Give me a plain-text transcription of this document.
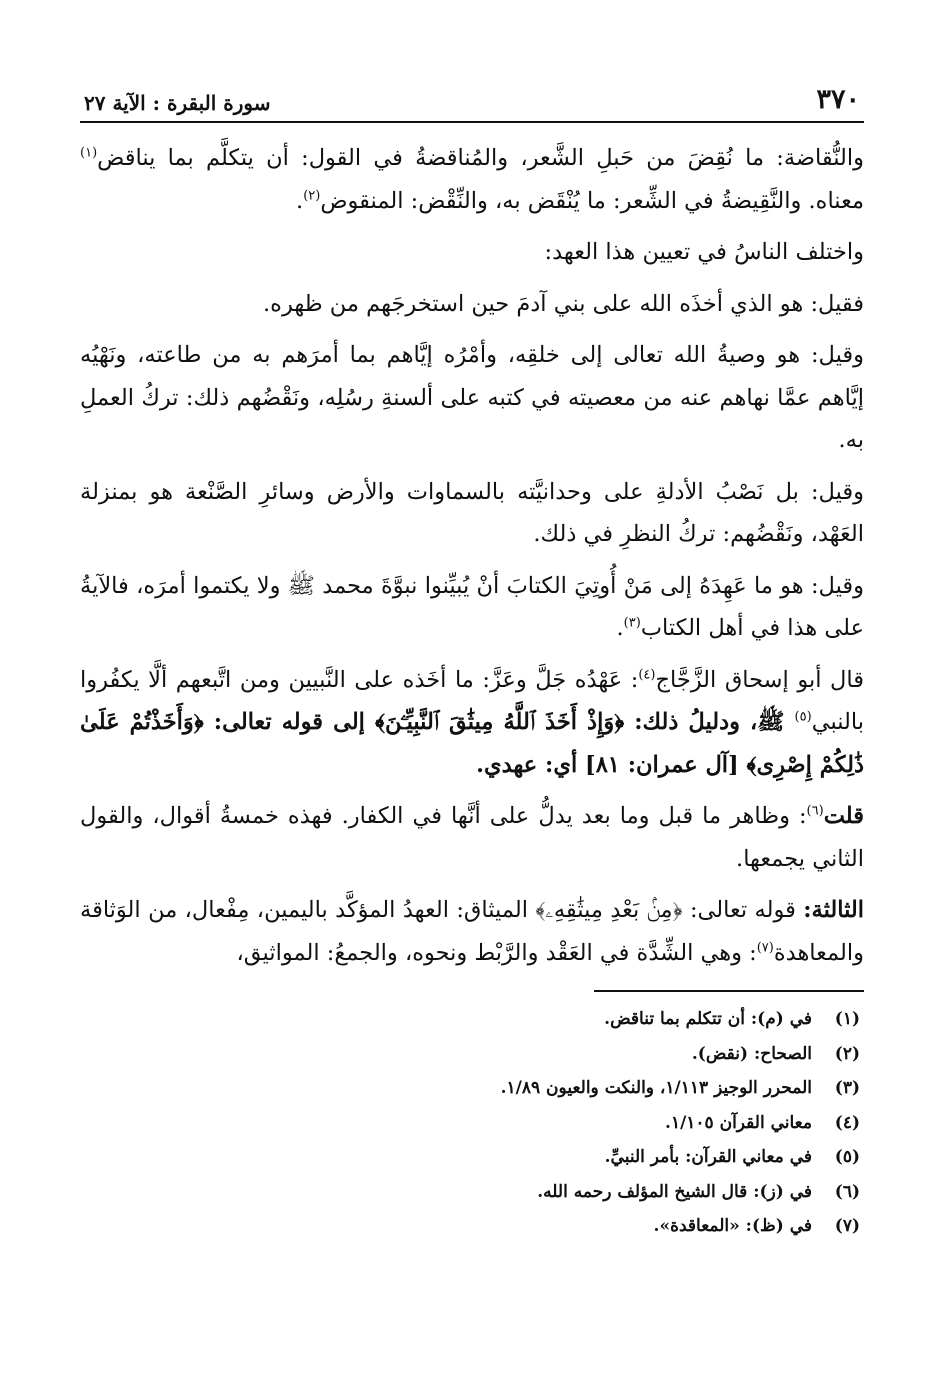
٣٧٠
سورة البقرة : الآية ٢٧

والنُّقاضة: ما نُقِضَ من حَبلِ الشَّعر، والمُناقضةُ في القول: أن يتكلَّم بما يناقض$^{(١)}$ معناه. والنَّقِيضةُ في الشِّعر: ما يُنْقَض به، والنِّقْض: المنقوض$^{(٢)}$.

واختلف الناسُ في تعيين هذا العهد:

فقيل: هو الذي أخذَه الله على بني آدمَ حين استخرجَهم من ظهره.

وقيل: هو وصيةُ الله تعالى إلى خلقِه، وأمْرُه إيَّاهم بما أمرَهم به من طاعته، ونَهْيُه إيَّاهم عمَّا نهاهم عنه من معصيته في كتبه على ألسنةِ رسُلِه، ونَقْضُهم ذلك: تركُ العملِ به.

وقيل: بل نَصْبُ الأدلةِ على وحدانيَّته بالسماوات والأرض وسائرِ الصَّنْعة هو بمنزلة العَهْد، ونَقْضُهم: تركُ النظرِ في ذلك.

وقيل: هو ما عَهِدَهُ إلى مَنْ أُوتِيَ الكتابَ أنْ يُبيِّنوا نبوَّةَ محمد ﷺ ولا يكتموا أمرَه، فالآيةُ على هذا في أهل الكتاب$^{(٣)}$.

قال أبو إسحاق الزَّجَّاج$^{(٤)}$: عَهْدُه جَلَّ وعَزَّ: ما أخَذه على النَّبيين ومن اتَّبعهم ألَّا يكفُروا بالنبي$^{(٥)}$ ﷺ، ودليلُ ذلك: ﴿وَإِذْ أَخَذَ ٱللَّهُ مِيثَٰقَ ٱلنَّبِيِّـۧنَ﴾ إلى قوله تعالى: ﴿وَأَخَذْتُمْ عَلَىٰ ذَٰلِكُمْ إِصْرِى﴾ [آل عمران: ٨١] أي: عهدي.

قلت$^{(٦)}$: وظاهر ما قبل وما بعد يدلُّ على أنَّها في الكفار. فهذه خمسةُ أقوال، والقول الثاني يجمعها.

الثالثة: قوله تعالى: ﴿مِنۢ بَعْدِ مِيثَٰقِهِۦ﴾ الميثاق: العهدُ المؤكَّد باليمين، مِفْعال، من الوَثاقة والمعاهدة$^{(٧)}$: وهي الشِّدَّة في العَقْد والرَّبْط ونحوه، والجمعُ: المواثيق،

(١)
في (م): أن تتكلم بما تناقض.
(٢)
الصحاح: (نقض).
(٣)
المحرر الوجيز ١/١١٣، والنكت والعيون ١/٨٩.
(٤)
معاني القرآن ١/١٠٥.
(٥)
في معاني القرآن: بأمر النبيِّ.
(٦)
في (ز): قال الشيخ المؤلف رحمه الله.
(٧)
في (ظ): «المعاقدة».
